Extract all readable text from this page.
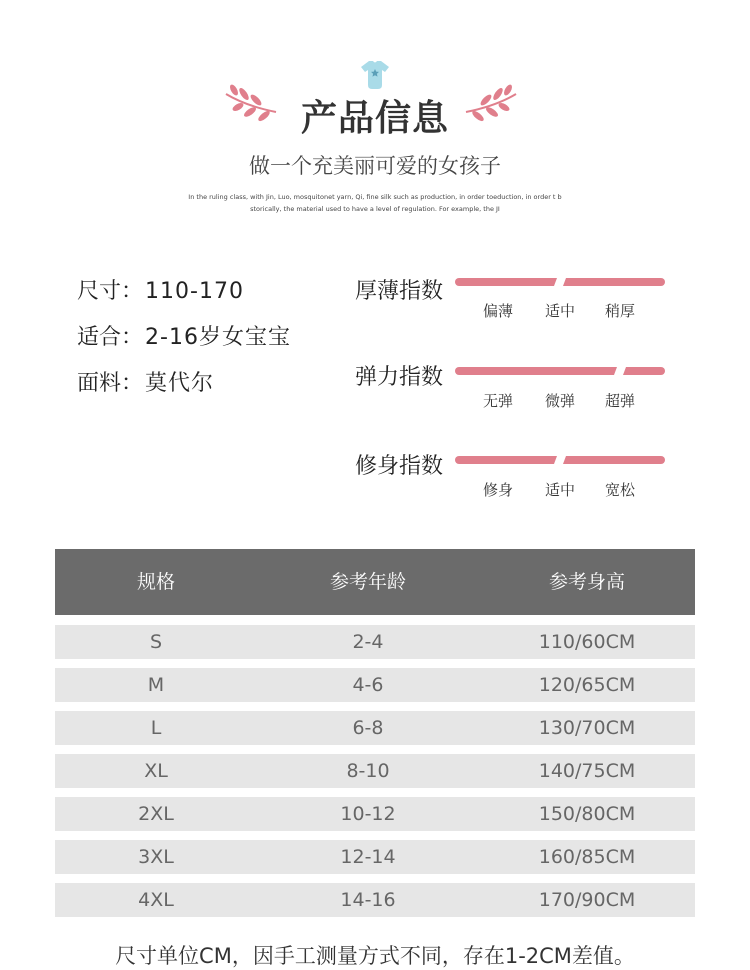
产品信息
做一个充美丽可爱的女孩子
In the ruling class, with Jin, Luo, mosquitonet yarn, Qi, fine silk such as production, in order toeduction, in order t b
storically, the material used to have a level of regulation. For example, the JI
尺寸：110-170
适合：2-16岁女宝宝
面料：莫代尔
厚薄指数
偏薄	适中	稍厚
弹力指数
无弹	微弹	超弹
修身指数
修身	适中	宽松
规格	参考年龄	参考身高
S	2-4	110/60CM
M	4-6	120/65CM
L	6-8	130/70CM
XL	8-10	140/75CM
2XL	10-12	150/80CM
3XL	12-14	160/85CM
4XL	14-16	170/90CM
尺寸单位CM，因手工测量方式不同，存在1-2CM差值。
